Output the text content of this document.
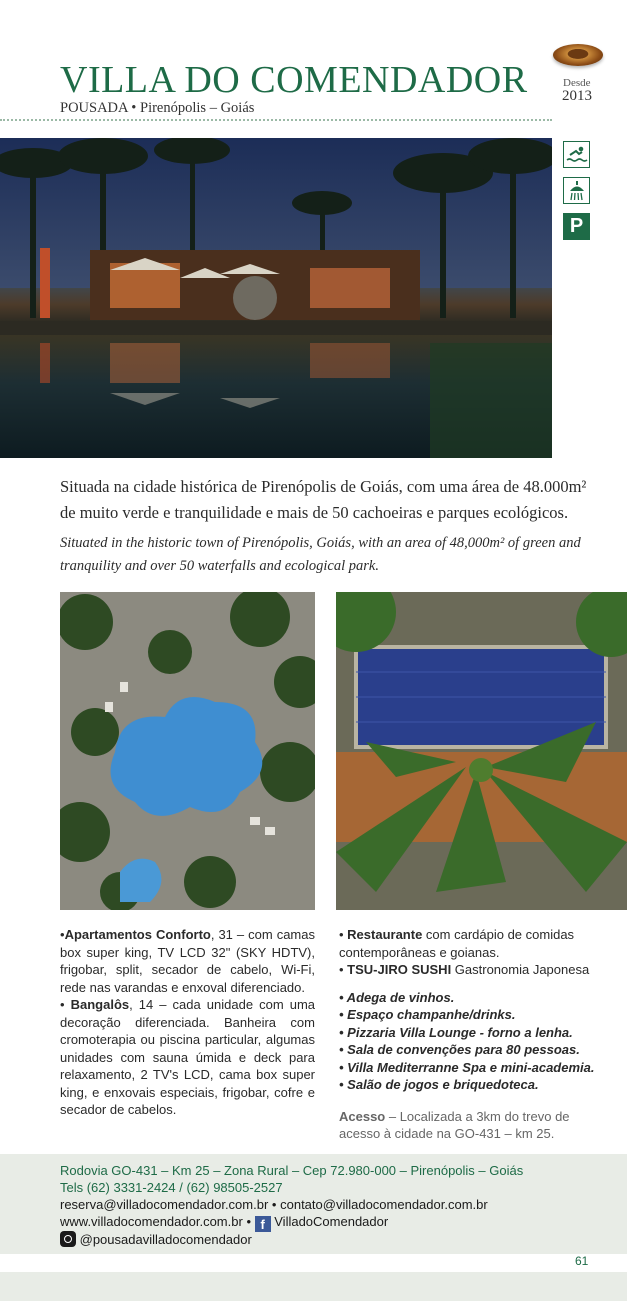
Desde
2013
VILLA DO COMENDADOR
POUSADA • Pirenópolis – Goiás
P
Situada na cidade histórica de Pirenópolis de Goiás, com uma área de 48.000m² de muito verde e tranquilidade e mais de 50 cachoeiras e parques ecológicos.
Situated in the historic town of Pirenópolis, Goiás, with an area of 48,000m² of green and tranquility and over 50 waterfalls and ecological park.

•Apartamentos Conforto, 31 – com camas box super king, TV LCD 32" (SKY HDTV), frigobar, split, secador de cabelo, Wi-Fi, rede nas varandas e enxoval diferenciado.

• Bangalôs, 14 – cada unidade com uma decoração diferenciada. Banheira com cromoterapia ou piscina particular, algumas unidades com sauna úmida e deck para relaxamento, 2 TV's LCD, cama box super king, e enxovais especiais, frigobar, cofre e secador de cabelos.

• Restaurante com cardápio de comidas contemporâneas e goianas.
• TSU-JIRO SUSHI Gastronomia Japonesa
• Adega de vinhos.
• Espaço champanhe/drinks.
• Pizzaria Villa Lounge - forno a lenha.
• Sala de convenções para 80 pessoas.
• Villa Mediterranne Spa e mini-academia.
• Salão de jogos e briquedoteca.
Acesso – Localizada a 3km do trevo de acesso à cidade na GO-431 – km 25.
Rodovia GO-431 – Km 25 – Zona Rural – Cep 72.980-000 – Pirenópolis – Goiás
Tels (62) 3331-2424 / (62) 98505-2527
reserva@villadocomendador.com.br • contato@villadocomendador.com.br
www.villadocomendador.com.br • f VilladoComendador
@pousadavilladocomendador
61
